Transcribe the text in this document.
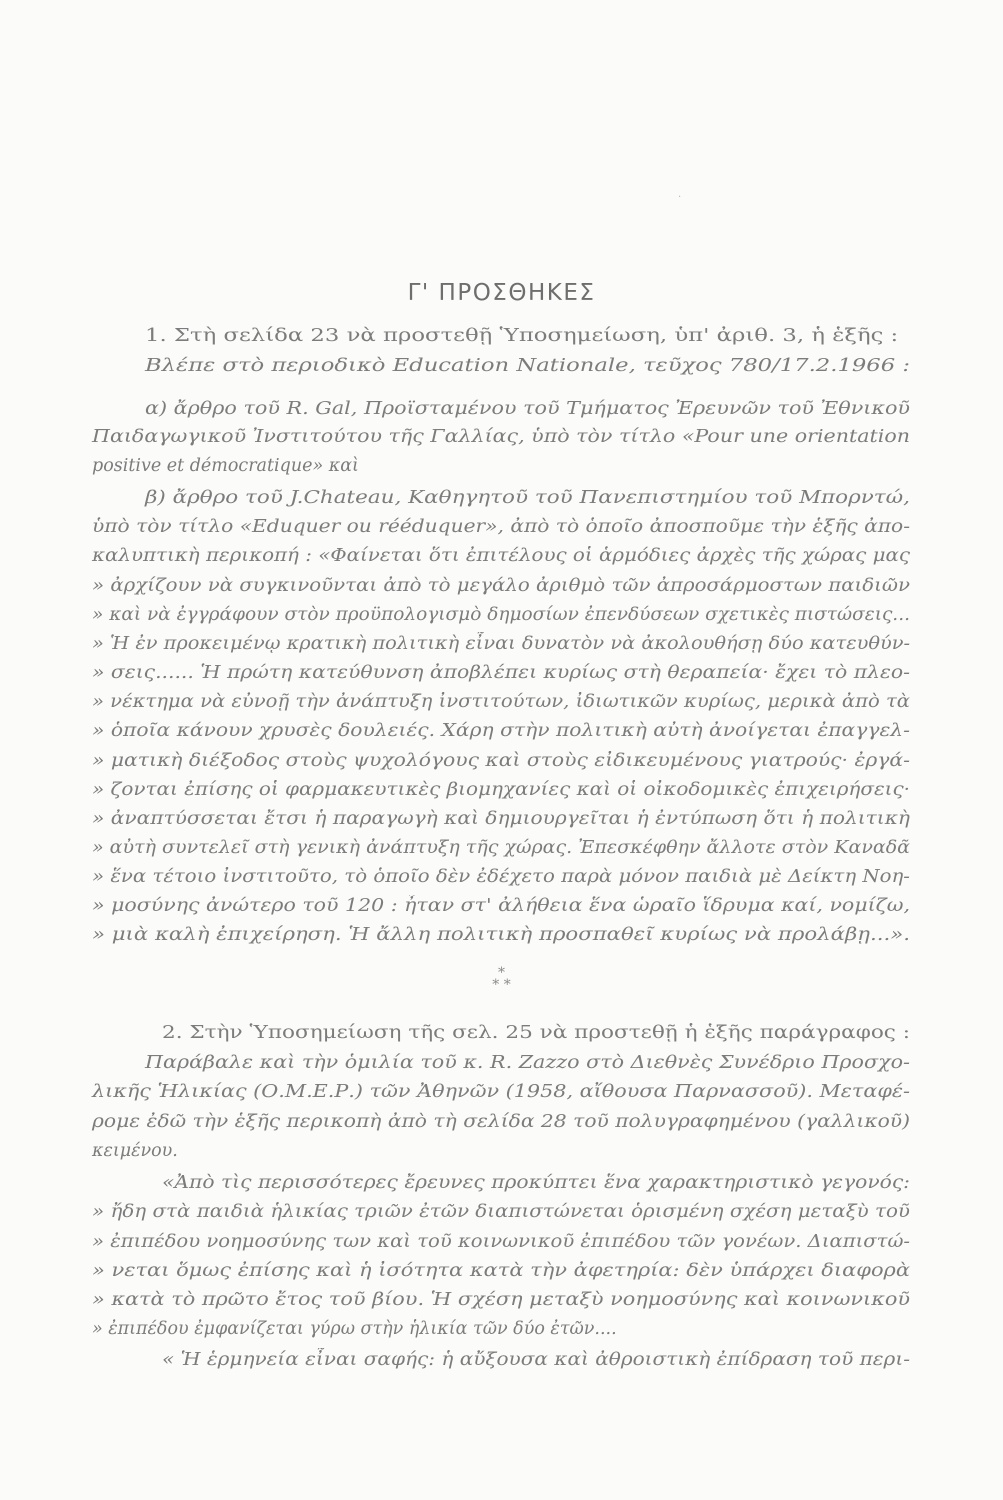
.
Γ' ΠΡΟΣΘΗΚΕΣ
1. Στὴ σελίδα 23 νὰ προστεθῇ Ὑποσημείωση, ὑπ' ἀριθ. 3, ἡ ἑξῆς :
Βλέπε στὸ περιοδικὸ Education Nationale, τεῦχος 780/17.2.1966 :
α) ἄρθρο τοῦ R. Gal, Προϊσταμένου τοῦ Τμήματος Ἐρευνῶν τοῦ Ἐθνικοῦ
Παιδαγωγικοῦ Ἰνστιτούτου τῆς Γαλλίας, ὑπὸ τὸν τίτλο «Pour une orientation
positive et démocratique» καὶ
β) ἄρθρο τοῦ J.Chateau, Καθηγητοῦ τοῦ Πανεπιστημίου τοῦ Μπορντώ,
ὑπὸ τὸν τίτλο «Eduquer ou rééduquer», ἀπὸ τὸ ὁποῖο ἀποσποῦμε τὴν ἑξῆς ἀπο-
καλυπτικὴ περικοπή : «Φαίνεται ὅτι ἐπιτέλους οἱ ἁρμόδιες ἀρχὲς τῆς χώρας μας
» ἀρχίζουν νὰ συγκινοῦνται ἀπὸ τὸ μεγάλο ἀριθμὸ τῶν ἀπροσάρμοστων παιδιῶν
» καὶ νὰ ἐγγράφουν στὸν προϋπολογισμὸ δημοσίων ἐπενδύσεων σχετικὲς πιστώσεις...
» Ἡ ἐν προκειμένῳ κρατικὴ πολιτικὴ εἶναι δυνατὸν νὰ ἀκολουθήσῃ δύο κατευθύν-
» σεις...... Ἡ πρώτη κατεύθυνση ἀποβλέπει κυρίως στὴ θεραπεία· ἔχει τὸ πλεο-
» νέκτημα νὰ εὐνοῇ τὴν ἀνάπτυξη ἰνστιτούτων, ἰδιωτικῶν κυρίως, μερικὰ ἀπὸ τὰ
» ὁποῖα κάνουν χρυσὲς δουλειές. Χάρη στὴν πολιτικὴ αὐτὴ ἀνοίγεται ἐπαγγελ-
» ματικὴ διέξοδος στοὺς ψυχολόγους καὶ στοὺς εἰδικευμένους γιατρούς· ἐργά-
» ζονται ἐπίσης οἱ φαρμακευτικὲς βιομηχανίες καὶ οἱ οἰκοδομικὲς ἐπιχειρήσεις·
» ἀναπτύσσεται ἔτσι ἡ παραγωγὴ καὶ δημιουργεῖται ἡ ἐντύπωση ὅτι ἡ πολιτικὴ
» αὐτὴ συντελεῖ στὴ γενικὴ ἀνάπτυξη τῆς χώρας. Ἐπεσκέφθην ἄλλοτε στὸν Καναδᾶ
» ἕνα τέτοιο ἰνστιτοῦτο, τὸ ὁποῖο δὲν ἐδέχετο παρὰ μόνον παιδιὰ μὲ Δείκτη Νοη-
» μοσύνης ἀνώτερο τοῦ 120 : ἦταν στ' ἀλήθεια ἕνα ὡραῖο ἵδρυμα καί, νομίζω,
» μιὰ καλὴ ἐπιχείρηση. Ἡ ἄλλη πολιτικὴ προσπαθεῖ κυρίως νὰ προλάβῃ...».
*
* *
2. Στὴν Ὑποσημείωση τῆς σελ. 25 νὰ προστεθῇ ἡ ἑξῆς παράγραφος :
Παράβαλε καὶ τὴν ὁμιλία τοῦ κ. R. Zazzo στὸ Διεθνὲς Συνέδριο Προσχο-
λικῆς Ἡλικίας (Ο.Μ.Ε.Ρ.) τῶν Ἀθηνῶν (1958, αἴθουσα Παρνασσοῦ). Μεταφέ-
ρομε ἐδῶ τὴν ἑξῆς περικοπὴ ἀπὸ τὴ σελίδα 28 τοῦ πολυγραφημένου (γαλλικοῦ)
κειμένου.
«Ἀπὸ τὶς περισσότερες ἔρευνες προκύπτει ἕνα χαρακτηριστικὸ γεγονός:
» ἤδη στὰ παιδιὰ ἡλικίας τριῶν ἐτῶν διαπιστώνεται ὁρισμένη σχέση μεταξὺ τοῦ
» ἐπιπέδου νοημοσύνης των καὶ τοῦ κοινωνικοῦ ἐπιπέδου τῶν γονέων. Διαπιστώ-
» νεται ὅμως ἐπίσης καὶ ἡ ἰσότητα κατὰ τὴν ἀφετηρία: δὲν ὑπάρχει διαφορὰ
» κατὰ τὸ πρῶτο ἔτος τοῦ βίου. Ἡ σχέση μεταξὺ νοημοσύνης καὶ κοινωνικοῦ
» ἐπιπέδου ἐμφανίζεται γύρω στὴν ἡλικία τῶν δύο ἐτῶν....
« Ἡ ἑρμηνεία εἶναι σαφής: ἡ αὔξουσα καὶ ἀθροιστικὴ ἐπίδραση τοῦ περι-
